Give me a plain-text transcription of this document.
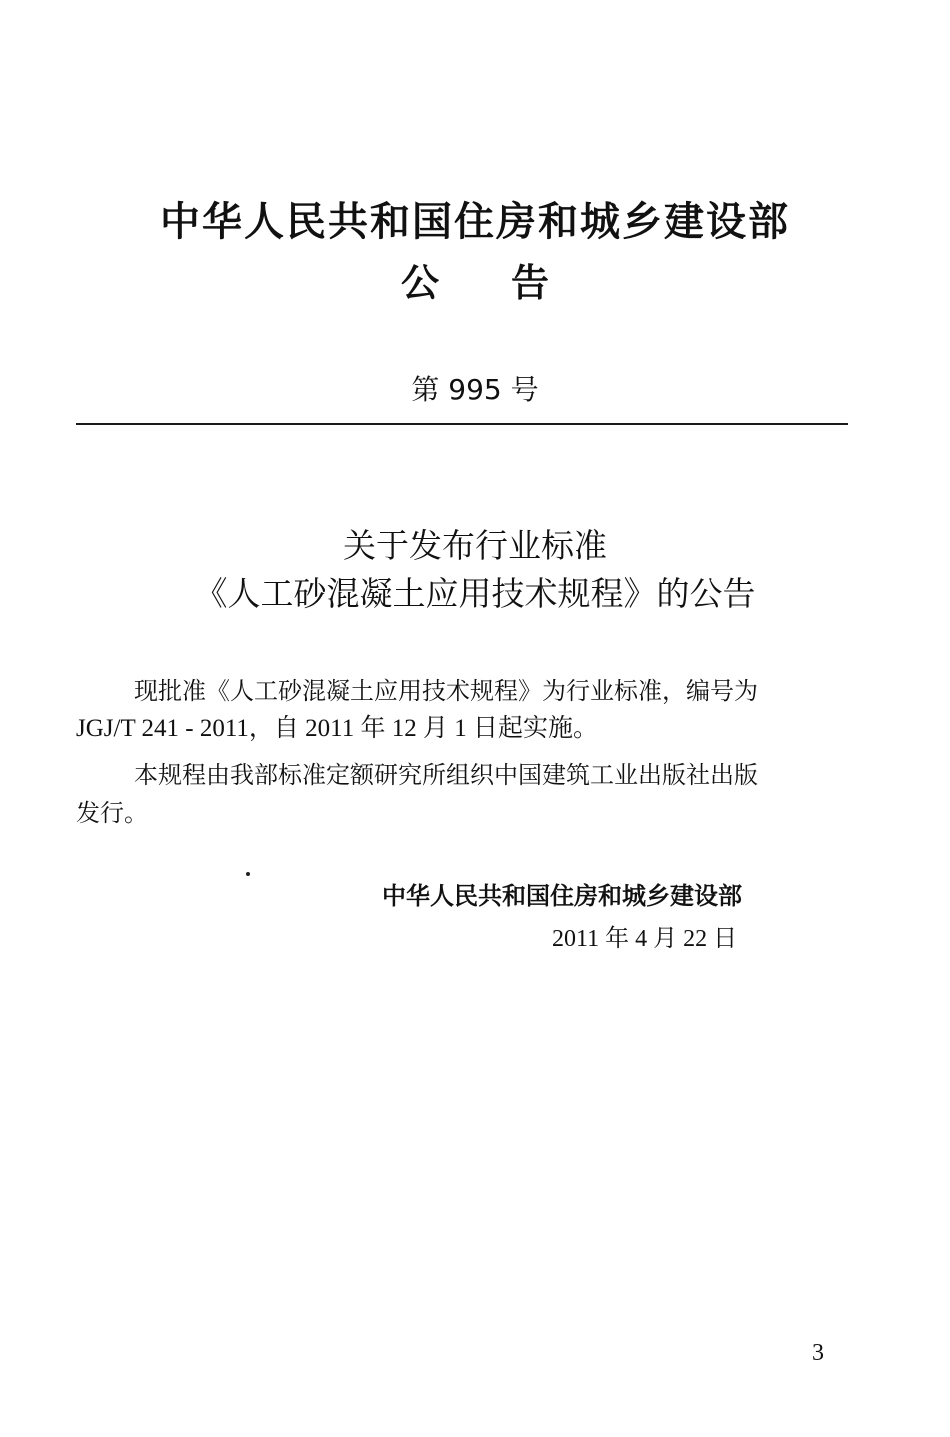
中华人民共和国住房和城乡建设部
公告
第 995 号
关于发布行业标准
《人工砂混凝土应用技术规程》的公告
现批准《人工砂混凝土应用技术规程》为行业标准，编号为
JGJ/T 241 - 2011，自 2011 年 12 月 1 日起实施。
本规程由我部标准定额研究所组织中国建筑工业出版社出版
发行。
中华人民共和国住房和城乡建设部
2011 年 4 月 22 日
3
